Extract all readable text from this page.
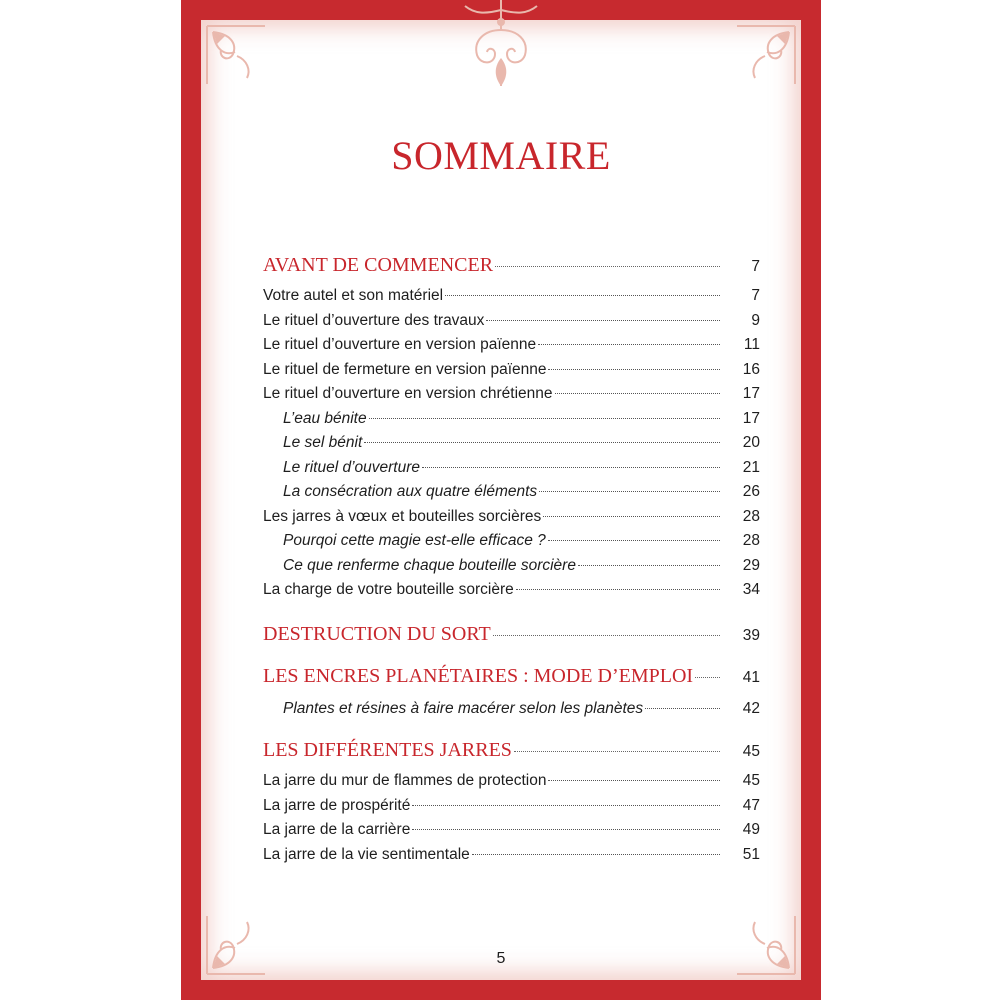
SOMMAIRE
AVANT DE COMMENCER	7
Votre autel et son matériel	7
Le rituel d’ouverture des travaux	9
Le rituel d’ouverture en version païenne	11
Le rituel de fermeture en version païenne	16
Le rituel d’ouverture en version chrétienne	17
L’eau bénite	17
Le sel bénit	20
Le rituel d’ouverture	21
La consécration aux quatre éléments	26
Les jarres à vœux et bouteilles sorcières	28
Pourqoi cette magie est-elle efficace ?	28
Ce que renferme chaque bouteille sorcière	29
La charge de votre bouteille sorcière	34
DESTRUCTION DU SORT	39
LES ENCRES PLANÉTAIRES : MODE D’EMPLOI	41
Plantes et résines à faire macérer selon les planètes	42
LES DIFFÉRENTES JARRES	45
La jarre du mur de flammes de protection	45
La jarre de prospérité	47
La jarre de la carrière	49
La jarre de la vie sentimentale	51
5
